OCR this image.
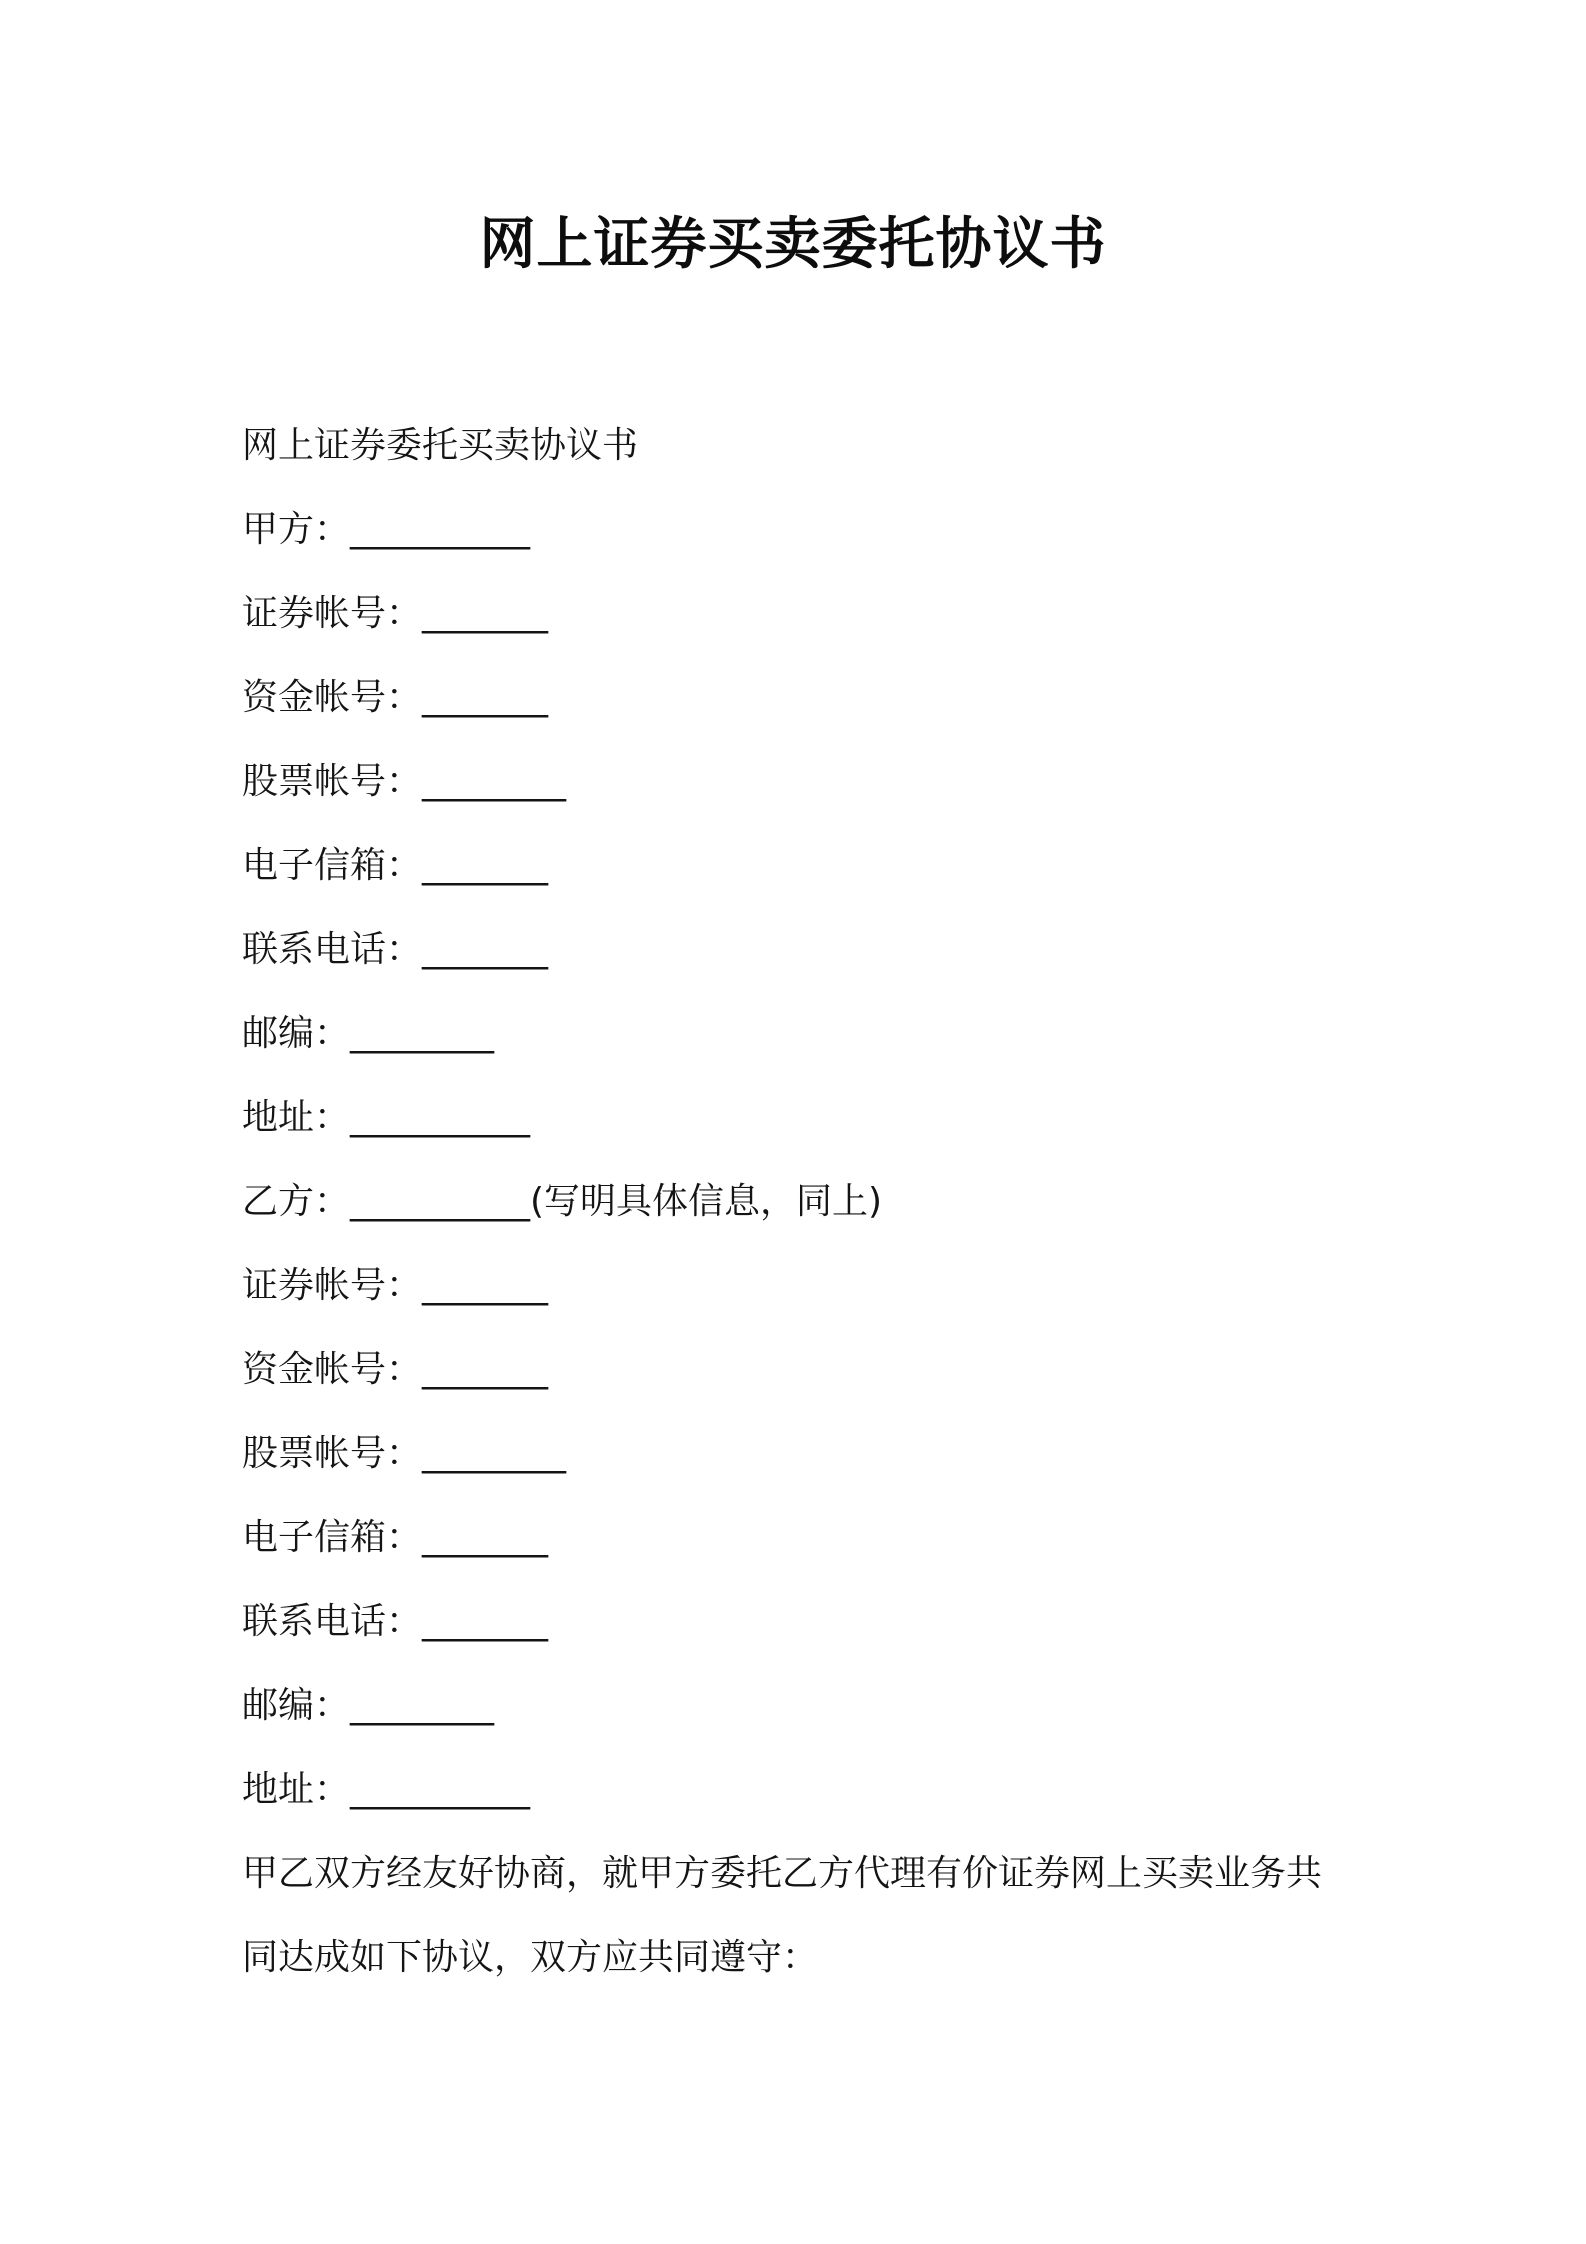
网上证券买卖委托协议书
网上证券委托买卖协议书
甲方：__________
证券帐号：_______
资金帐号：_______
股票帐号：________
电子信箱：_______
联系电话：_______
邮编：________
地址：__________
乙方：__________(写明具体信息，同上)
证券帐号：_______
资金帐号：_______
股票帐号：________
电子信箱：_______
联系电话：_______
邮编：________
地址：__________
甲乙双方经友好协商，就甲方委托乙方代理有价证券网上买卖业务共
同达成如下协议，双方应共同遵守：
